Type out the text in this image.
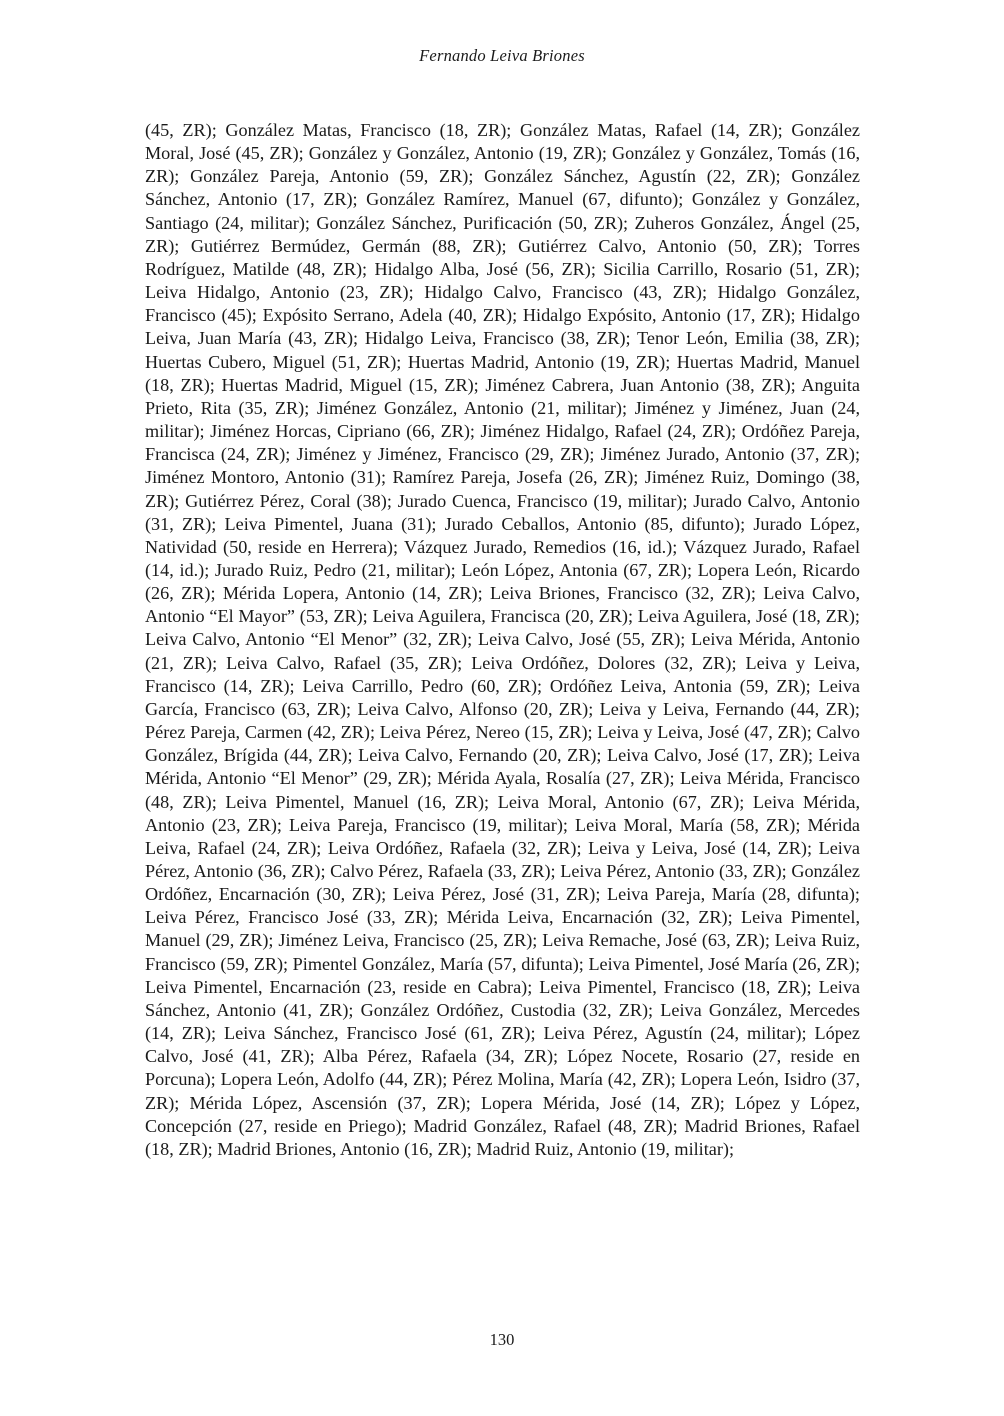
Fernando Leiva Briones

(45, ZR); González Matas, Francisco (18, ZR); González Matas, Rafael (14, ZR); González Moral, José (45, ZR); González y González, Antonio (19, ZR); González y González, Tomás (16, ZR); González Pareja, Antonio (59, ZR); González Sánchez, Agustín (22, ZR); González Sánchez, Antonio (17, ZR); González Ramírez, Manuel (67, difunto); González y González, Santiago (24, militar); González Sánchez, Purificación (50, ZR); Zuheros González, Ángel (25, ZR); Gutiérrez Bermúdez, Germán (88, ZR); Gutiérrez Calvo, Antonio (50, ZR); Torres Rodríguez, Matilde (48, ZR); Hidalgo Alba, José (56, ZR); Sicilia Carrillo, Rosario (51, ZR); Leiva Hidalgo, Antonio (23, ZR); Hidalgo Calvo, Francisco (43, ZR); Hidalgo González, Francisco (45); Expósito Serrano, Adela (40, ZR); Hidalgo Expósito, Antonio (17, ZR); Hidalgo Leiva, Juan María (43, ZR); Hidalgo Leiva, Francisco (38, ZR); Tenor León, Emilia (38, ZR); Huertas Cubero, Miguel (51, ZR); Huertas Madrid, Antonio (19, ZR); Huertas Madrid, Manuel (18, ZR); Huertas Madrid, Miguel (15, ZR); Jiménez Cabrera, Juan Antonio (38, ZR); Anguita Prieto, Rita (35, ZR); Jiménez González, Antonio (21, militar); Jiménez y Jiménez, Juan (24, militar); Jiménez Horcas, Cipriano (66, ZR); Jiménez Hidalgo, Rafael (24, ZR); Ordóñez Pareja, Francisca (24, ZR); Jiménez y Jiménez, Francisco (29, ZR); Jiménez Jurado, Antonio (37, ZR); Jiménez Montoro, Antonio (31); Ramírez Pareja, Josefa (26, ZR); Jiménez Ruiz, Domingo (38, ZR); Gutiérrez Pérez, Coral (38); Jurado Cuenca, Francisco (19, militar); Jurado Calvo, Antonio (31, ZR); Leiva Pimentel, Juana (31); Jurado Ceballos, Antonio (85, difunto); Jurado López, Natividad (50, reside en Herrera); Vázquez Jurado, Remedios (16, id.); Vázquez Jurado, Rafael (14, id.); Jurado Ruiz, Pedro (21, militar); León López, Antonia (67, ZR); Lopera León, Ricardo (26, ZR); Mérida Lopera, Antonio (14, ZR); Leiva Briones, Francisco (32, ZR); Leiva Calvo, Antonio “El Mayor” (53, ZR); Leiva Aguilera, Francisca (20, ZR); Leiva Aguilera, José (18, ZR); Leiva Calvo, Antonio “El Menor” (32, ZR); Leiva Calvo, José (55, ZR); Leiva Mérida, Antonio (21, ZR); Leiva Calvo, Rafael (35, ZR); Leiva Ordóñez, Dolores (32, ZR); Leiva y Leiva, Francisco (14, ZR); Leiva Carrillo, Pedro (60, ZR); Ordóñez Leiva, Antonia (59, ZR); Leiva García, Francisco (63, ZR); Leiva Calvo, Alfonso (20, ZR); Leiva y Leiva, Fernando (44, ZR); Pérez Pareja, Carmen (42, ZR); Leiva Pérez, Nereo (15, ZR); Leiva y Leiva, José (47, ZR); Calvo González, Brígida (44, ZR); Leiva Calvo, Fernando (20, ZR); Leiva Calvo, José (17, ZR); Leiva Mérida, Antonio “El Menor” (29, ZR); Mérida Ayala, Rosalía (27, ZR); Leiva Mérida, Francisco (48, ZR); Leiva Pimentel, Manuel (16, ZR); Leiva Moral, Antonio (67, ZR); Leiva Mérida, Antonio (23, ZR); Leiva Pareja, Francisco (19, militar); Leiva Moral, María (58, ZR); Mérida Leiva, Rafael (24, ZR); Leiva Ordóñez, Rafaela (32, ZR); Leiva y Leiva, José (14, ZR); Leiva Pérez, Antonio (36, ZR); Calvo Pérez, Rafaela (33, ZR); Leiva Pérez, Antonio (33, ZR); González Ordóñez, Encarnación (30, ZR); Leiva Pérez, José (31, ZR); Leiva Pareja, María (28, difunta); Leiva Pérez, Francisco José (33, ZR); Mérida Leiva, Encarnación (32, ZR); Leiva Pimentel, Manuel (29, ZR); Jiménez Leiva, Francisco (25, ZR); Leiva Remache, José (63, ZR); Leiva Ruiz, Francisco (59, ZR); Pimentel González, María (57, difunta); Leiva Pimentel, José María (26, ZR); Leiva Pimentel, Encarnación (23, reside en Cabra); Leiva Pimentel, Francisco (18, ZR); Leiva Sánchez, Antonio (41, ZR); González Ordóñez, Custodia (32, ZR); Leiva González, Mercedes (14, ZR); Leiva Sánchez, Francisco José (61, ZR); Leiva Pérez, Agustín (24, militar); López Calvo, José (41, ZR); Alba Pérez, Rafaela (34, ZR); López Nocete, Rosario (27, reside en Porcuna); Lopera León, Adolfo (44, ZR); Pérez Molina, María (42, ZR); Lopera León, Isidro (37, ZR); Mérida López, Ascensión (37, ZR); Lopera Mérida, José (14, ZR); López y López, Concepción (27, reside en Priego); Madrid González, Rafael (48, ZR); Madrid Briones, Rafael (18, ZR); Madrid Briones, Antonio (16, ZR); Madrid Ruiz, Antonio (19, militar);

130
